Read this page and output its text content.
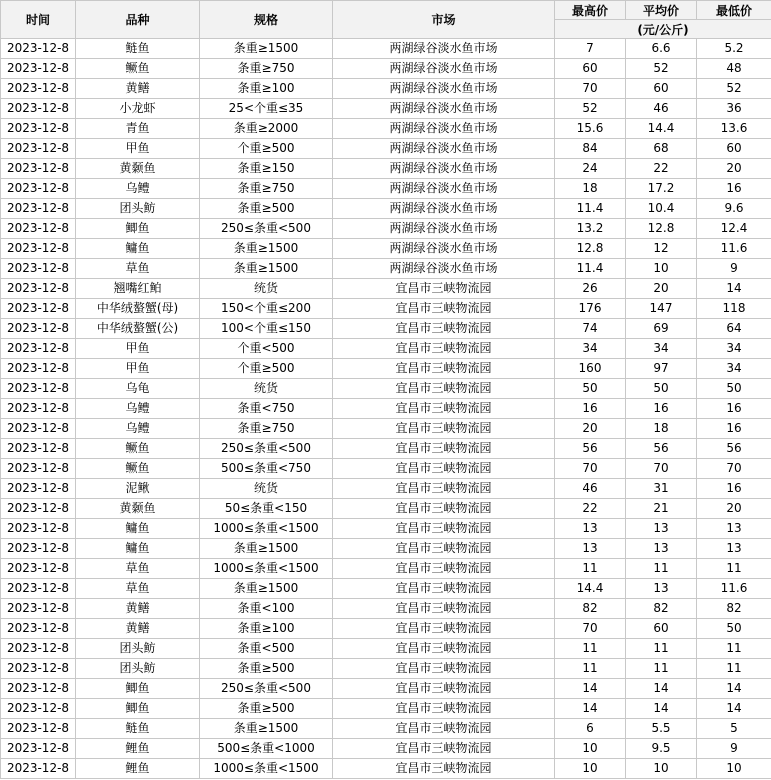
时间	品种	规格	市场	最高价	平均价	最低价
				(元/公斤)		
2023-12-8	鲢鱼	条重≥1500	两湖绿谷淡水鱼市场	7	6.6	5.2
2023-12-8	鳜鱼	条重≥750	两湖绿谷淡水鱼市场	60	52	48
2023-12-8	黄鳝	条重≥100	两湖绿谷淡水鱼市场	70	60	52
2023-12-8	小龙虾	25<个重≤35	两湖绿谷淡水鱼市场	52	46	36
2023-12-8	青鱼	条重≥2000	两湖绿谷淡水鱼市场	15.6	14.4	13.6
2023-12-8	甲鱼	个重≥500	两湖绿谷淡水鱼市场	84	68	60
2023-12-8	黄颡鱼	条重≥150	两湖绿谷淡水鱼市场	24	22	20
2023-12-8	乌鳢	条重≥750	两湖绿谷淡水鱼市场	18	17.2	16
2023-12-8	团头鲂	条重≥500	两湖绿谷淡水鱼市场	11.4	10.4	9.6
2023-12-8	鲫鱼	250≤条重<500	两湖绿谷淡水鱼市场	13.2	12.8	12.4
2023-12-8	鳙鱼	条重≥1500	两湖绿谷淡水鱼市场	12.8	12	11.6
2023-12-8	草鱼	条重≥1500	两湖绿谷淡水鱼市场	11.4	10	9
2023-12-8	翘嘴红鲌	统货	宜昌市三峡物流园	26	20	14
2023-12-8	中华绒螯蟹(母)	150<个重≤200	宜昌市三峡物流园	176	147	118
2023-12-8	中华绒螯蟹(公)	100<个重≤150	宜昌市三峡物流园	74	69	64
2023-12-8	甲鱼	个重<500	宜昌市三峡物流园	34	34	34
2023-12-8	甲鱼	个重≥500	宜昌市三峡物流园	160	97	34
2023-12-8	乌龟	统货	宜昌市三峡物流园	50	50	50
2023-12-8	乌鳢	条重<750	宜昌市三峡物流园	16	16	16
2023-12-8	乌鳢	条重≥750	宜昌市三峡物流园	20	18	16
2023-12-8	鳜鱼	250≤条重<500	宜昌市三峡物流园	56	56	56
2023-12-8	鳜鱼	500≤条重<750	宜昌市三峡物流园	70	70	70
2023-12-8	泥鳅	统货	宜昌市三峡物流园	46	31	16
2023-12-8	黄颡鱼	50≤条重<150	宜昌市三峡物流园	22	21	20
2023-12-8	鳙鱼	1000≤条重<1500	宜昌市三峡物流园	13	13	13
2023-12-8	鳙鱼	条重≥1500	宜昌市三峡物流园	13	13	13
2023-12-8	草鱼	1000≤条重<1500	宜昌市三峡物流园	11	11	11
2023-12-8	草鱼	条重≥1500	宜昌市三峡物流园	14.4	13	11.6
2023-12-8	黄鳝	条重<100	宜昌市三峡物流园	82	82	82
2023-12-8	黄鳝	条重≥100	宜昌市三峡物流园	70	60	50
2023-12-8	团头鲂	条重<500	宜昌市三峡物流园	11	11	11
2023-12-8	团头鲂	条重≥500	宜昌市三峡物流园	11	11	11
2023-12-8	鲫鱼	250≤条重<500	宜昌市三峡物流园	14	14	14
2023-12-8	鲫鱼	条重≥500	宜昌市三峡物流园	14	14	14
2023-12-8	鲢鱼	条重≥1500	宜昌市三峡物流园	6	5.5	5
2023-12-8	鲤鱼	500≤条重<1000	宜昌市三峡物流园	10	9.5	9
2023-12-8	鲤鱼	1000≤条重<1500	宜昌市三峡物流园	10	10	10
